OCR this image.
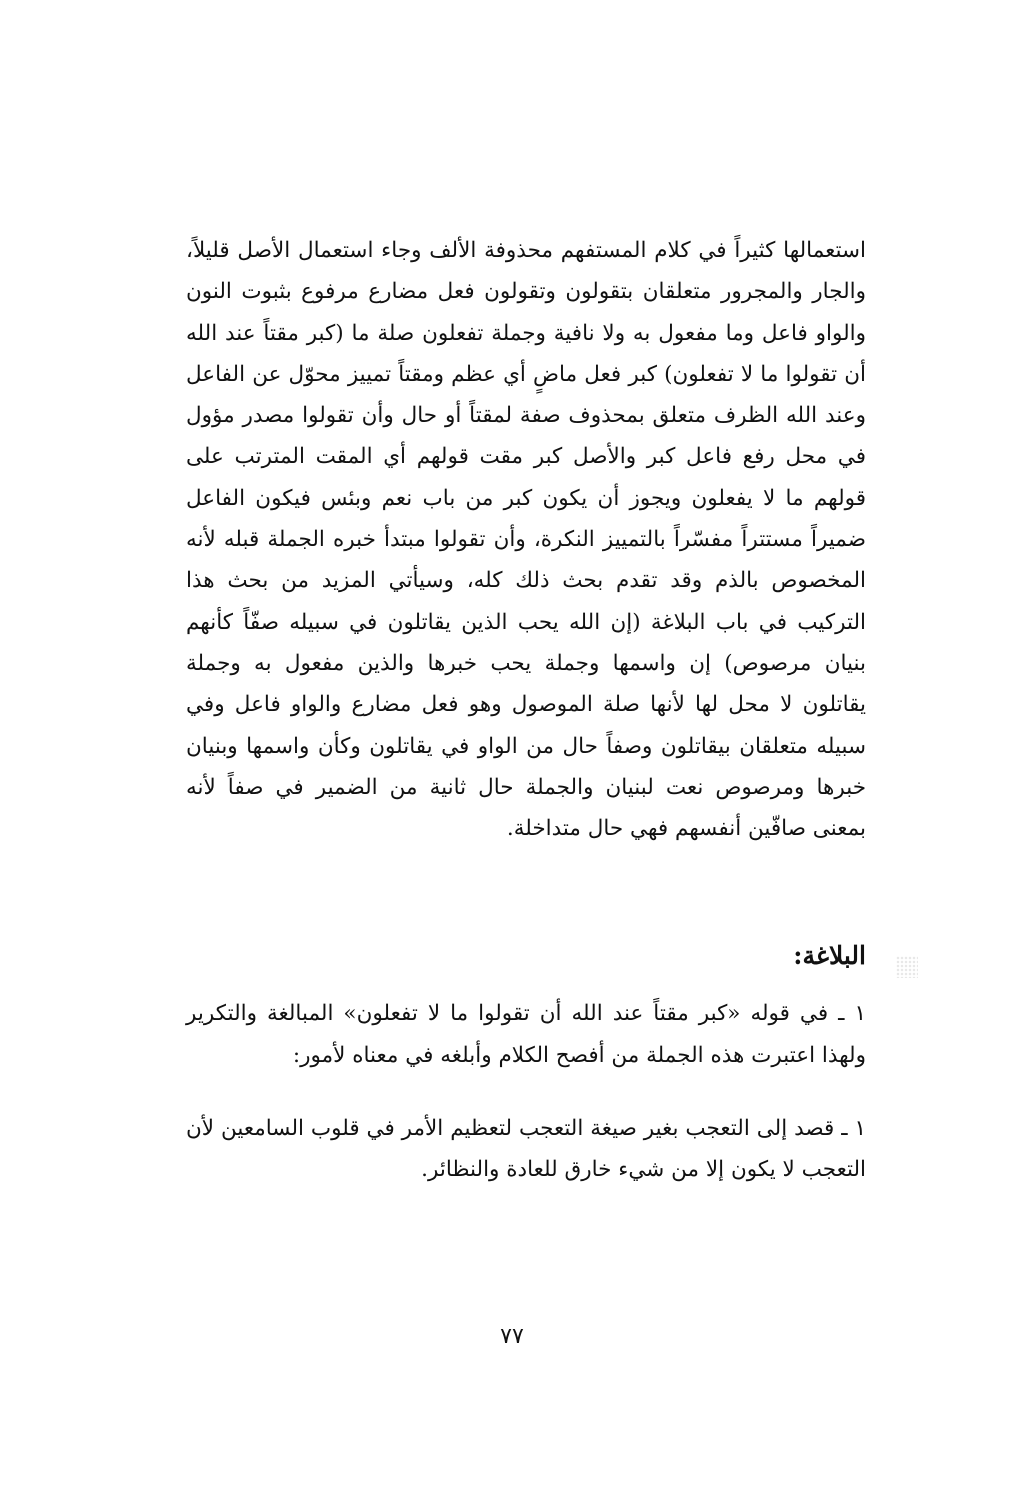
استعمالها كثيراً في كلام المستفهم محذوفة الألف وجاء استعمال الأصل قليلاً، والجار والمجرور متعلقان بتقولون وتقولون فعل مضارع مرفوع بثبوت النون والواو فاعل وما مفعول به ولا نافية وجملة تفعلون صلة ما (كبر مقتاً عند الله أن تقولوا ما لا تفعلون) كبر فعل ماضٍ أي عظم ومقتاً تمييز محوّل عن الفاعل وعند الله الظرف متعلق بمحذوف صفة لمقتاً أو حال وأن تقولوا مصدر مؤول في محل رفع فاعل كبر والأصل كبر مقت قولهم أي المقت المترتب على قولهم ما لا يفعلون ويجوز أن يكون كبر من باب نعم وبئس فيكون الفاعل ضميراً مستتراً مفسّراً بالتمييز النكرة، وأن تقولوا مبتدأ خبره الجملة قبله لأنه المخصوص بالذم وقد تقدم بحث ذلك كله، وسيأتي المزيد من بحث هذا التركيب في باب البلاغة (إن الله يحب الذين يقاتلون في سبيله صفّاً كأنهم بنيان مرصوص) إن واسمها وجملة يحب خبرها والذين مفعول به وجملة يقاتلون لا محل لها لأنها صلة الموصول وهو فعل مضارع والواو فاعل وفي سبيله متعلقان بيقاتلون وصفاً حال من الواو في يقاتلون وكأن واسمها وبنيان خبرها ومرصوص نعت لبنيان والجملة حال ثانية من الضمير في صفاً لأنه بمعنى صافّين أنفسهم فهي حال متداخلة.

البلاغة:

١ ـ في قوله «كبر مقتاً عند الله أن تقولوا ما لا تفعلون» المبالغة والتكرير ولهذا اعتبرت هذه الجملة من أفصح الكلام وأبلغه في معناه لأمور:

١ ـ قصد إلى التعجب بغير صيغة التعجب لتعظيم الأمر في قلوب السامعين لأن التعجب لا يكون إلا من شيء خارق للعادة والنظائر.

٧٧
